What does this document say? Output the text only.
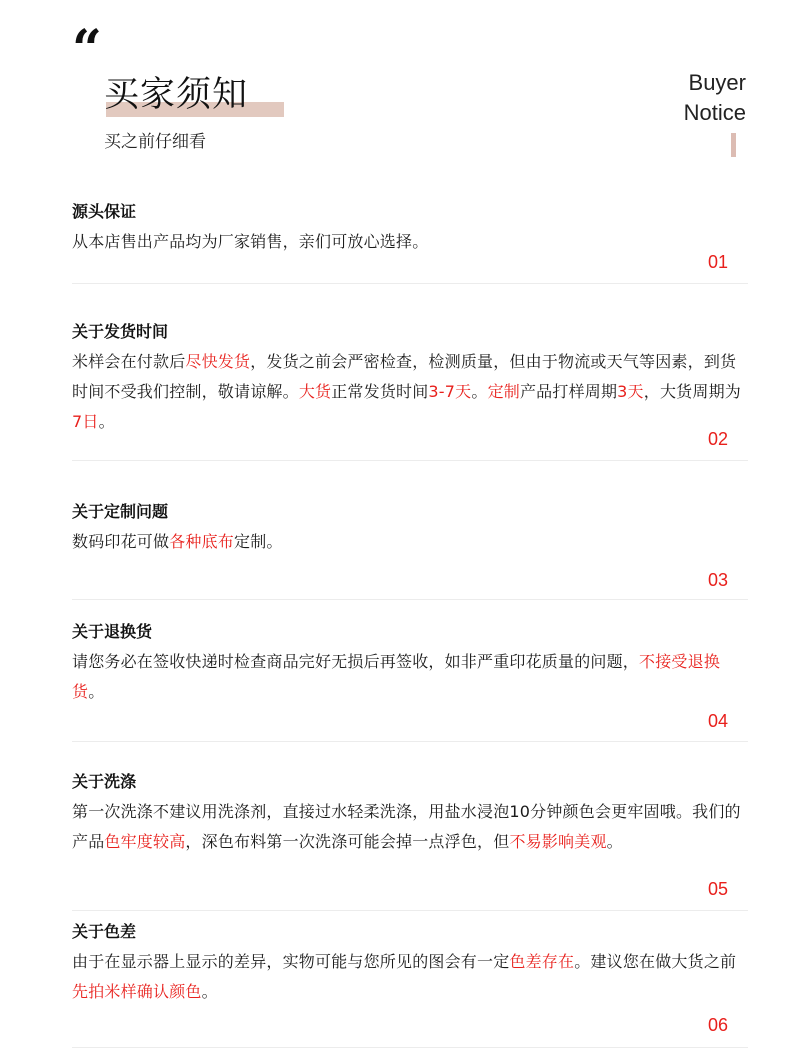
“
买家须知
买之前仔细看
Buyer
Notice
源头保证
从本店售出产品均为厂家销售，亲们可放心选择。
01
关于发货时间
米样会在付款后尽快发货，发货之前会严密检查，检测质量，但由于物流或天气等因素，到货时间不受我们控制，敬请谅解。大货正常发货时间3-7天。定制产品打样周期3天，大货周期为7日。
02
关于定制问题
数码印花可做各种底布定制。
03
关于退换货
请您务必在签收快递时检查商品完好无损后再签收，如非严重印花质量的问题，不接受退换货。
04
关于洗涤
第一次洗涤不建议用洗涤剂，直接过水轻柔洗涤，用盐水浸泡10分钟颜色会更牢固哦。我们的产品色牢度较高，深色布料第一次洗涤可能会掉一点浮色，但不易影响美观。
05
关于色差
由于在显示器上显示的差异，实物可能与您所见的图会有一定色差存在。建议您在做大货之前先拍米样确认颜色。
06
